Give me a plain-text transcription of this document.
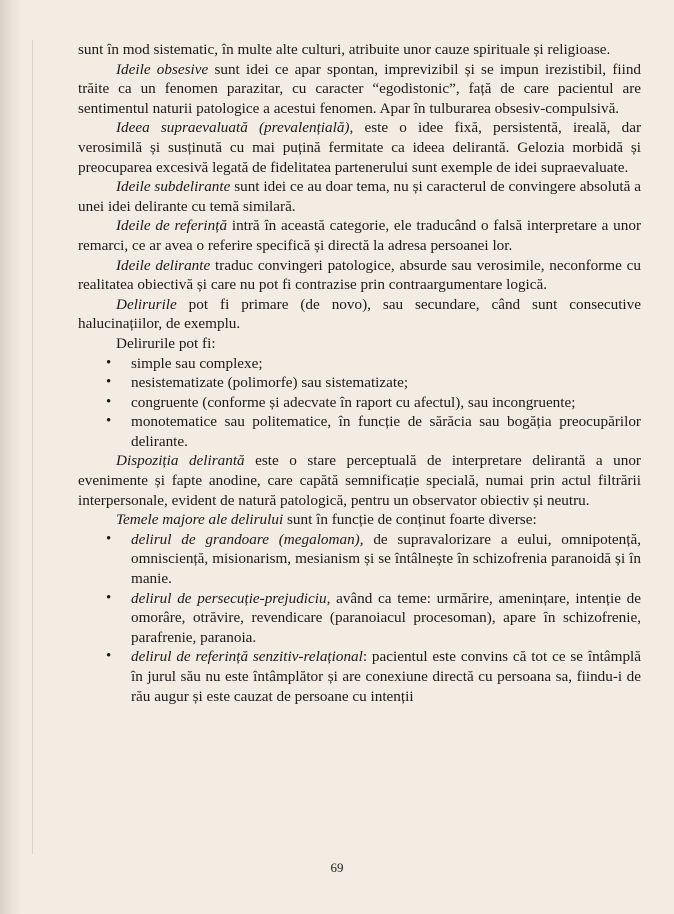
sunt în mod sistematic, în multe alte culturi, atribuite unor cauze spirituale și religioase.

Ideile obsesive sunt idei ce apar spontan, imprevizibil și se impun irezistibil, fiind trăite ca un fenomen parazitar, cu caracter “egodistonic”, față de care pacientul are sentimentul naturii patologice a acestui fenomen. Apar în tulburarea obsesiv-compulsivă.

Ideea supraevaluată (prevalențială), este o idee fixă, persistentă, ireală, dar verosimilă și susținută cu mai puțină fermitate ca ideea delirantă. Gelozia morbidă și preocuparea excesivă legată de fidelitatea partenerului sunt exemple de idei supraevaluate.

Ideile subdelirante sunt idei ce au doar tema, nu și caracterul de convingere absolută a unei idei delirante cu temă similară.

Ideile de referință intră în această categorie, ele traducând o falsă interpretare a unor remarci, ce ar avea o referire specifică și directă la adresa persoanei lor.

Ideile delirante traduc convingeri patologice, absurde sau verosimile, neconforme cu realitatea obiectivă și care nu pot fi contrazise prin contraargumentare logică.

Delirurile pot fi primare (de novo), sau secundare, când sunt consecutive halucinațiilor, de exemplu.

Delirurile pot fi:

• simple sau complexe;
• nesistematizate (polimorfe) sau sistematizate;
• congruente (conforme și adecvate în raport cu afectul), sau incongruente;
• monotematice sau politematice, în funcție de sărăcia sau bogăția preocupărilor delirante.

Dispoziția delirantă este o stare perceptuală de interpretare delirantă a unor evenimente și fapte anodine, care capătă semnificație specială, numai prin actul filtrării interpersonale, evident de natură patologică, pentru un observator obiectiv și neutru.

Temele majore ale delirului sunt în funcție de conținut foarte diverse:

• delirul de grandoare (megaloman), de supravalorizare a eului, omnipotență, omnisciență, misionarism, mesianism și se întâlnește în schizofrenia paranoidă și în manie.
• delirul de persecuție-prejudiciu, având ca teme: urmărire, amenințare, intenție de omorâre, otrăvire, revendicare (paranoiacul procesoman), apare în schizofrenie, parafrenie, paranoia.
• delirul de referință senzitiv-relațional: pacientul este convins că tot ce se întâmplă în jurul său nu este întâmplător și are conexiune directă cu persoana sa, fiindu-i de rău augur și este cauzat de persoane cu intenții
69
